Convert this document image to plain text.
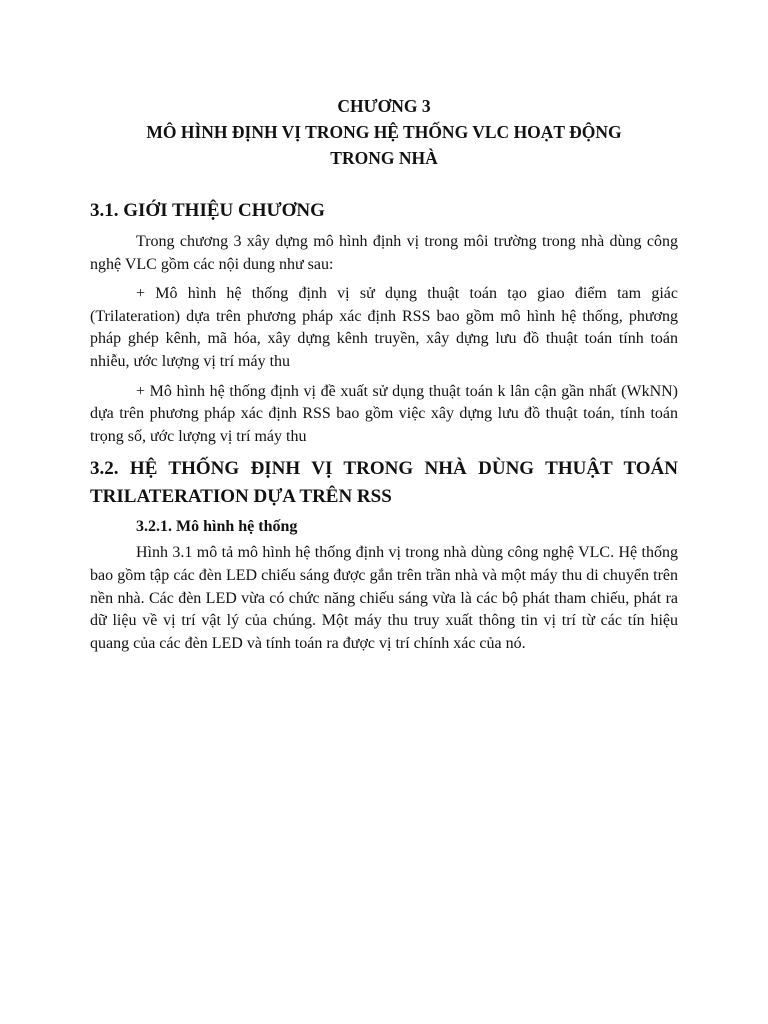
CHƯƠNG 3
MÔ HÌNH ĐỊNH VỊ TRONG HỆ THỐNG VLC HOẠT ĐỘNG
TRONG NHÀ
3.1. GIỚI THIỆU CHƯƠNG

Trong chương 3 xây dựng mô hình định vị trong môi trường trong nhà dùng công nghệ VLC gồm các nội dung như sau:

+ Mô hình hệ thống định vị sử dụng thuật toán tạo giao điểm tam giác (Trilateration) dựa trên phương pháp xác định RSS bao gồm mô hình hệ thống, phương pháp ghép kênh, mã hóa, xây dựng kênh truyền, xây dựng lưu đồ thuật toán tính toán nhiễu, ước lượng vị trí máy thu

+ Mô hình hệ thống định vị đề xuất sử dụng thuật toán k lân cận gần nhất (WkNN) dựa trên phương pháp xác định RSS bao gồm việc xây dựng lưu đồ thuật toán, tính toán trọng số, ước lượng vị trí máy thu

3.2. HỆ THỐNG ĐỊNH VỊ TRONG NHÀ DÙNG THUẬT TOÁN TRILATERATION DỰA TRÊN RSS
3.2.1. Mô hình hệ thống

Hình 3.1 mô tả mô hình hệ thống định vị trong nhà dùng công nghệ VLC. Hệ thống bao gồm tập các đèn LED chiếu sáng được gắn trên trần nhà và một máy thu di chuyển trên nền nhà. Các đèn LED vừa có chức năng chiếu sáng vừa là các bộ phát tham chiếu, phát ra dữ liệu về vị trí vật lý của chúng. Một máy thu truy xuất thông tin vị trí từ các tín hiệu quang của các đèn LED và tính toán ra được vị trí chính xác của nó.
